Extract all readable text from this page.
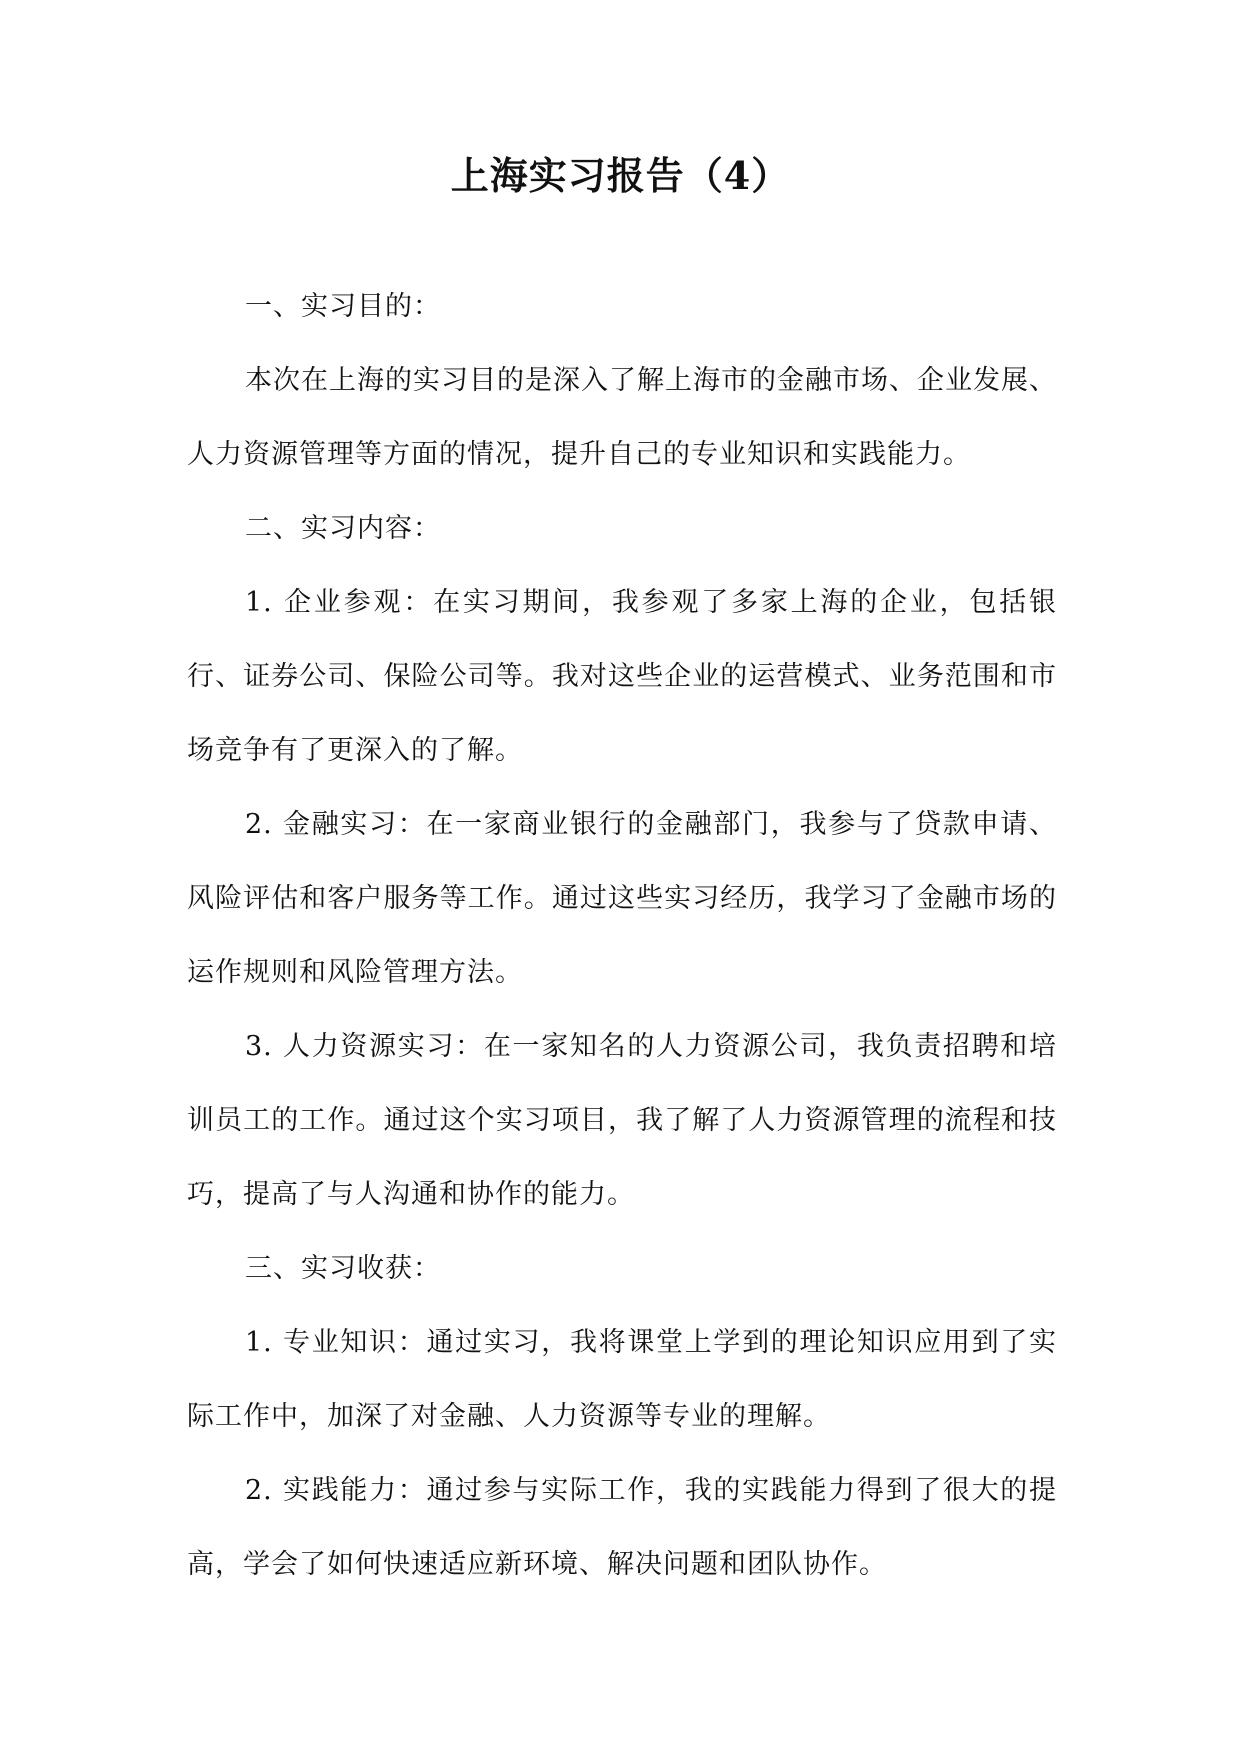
上海实习报告（4）

一、实习目的：

本次在上海的实习目的是深入了解上海市的金融市场、企业发展、人力资源管理等方面的情况，提升自己的专业知识和实践能力。

二、实习内容：

1. 企业参观：在实习期间，我参观了多家上海的企业，包括银行、证券公司、保险公司等。我对这些企业的运营模式、业务范围和市场竞争有了更深入的了解。

2. 金融实习：在一家商业银行的金融部门，我参与了贷款申请、风险评估和客户服务等工作。通过这些实习经历，我学习了金融市场的运作规则和风险管理方法。

3. 人力资源实习：在一家知名的人力资源公司，我负责招聘和培训员工的工作。通过这个实习项目，我了解了人力资源管理的流程和技巧，提高了与人沟通和协作的能力。

三、实习收获：

1. 专业知识：通过实习，我将课堂上学到的理论知识应用到了实际工作中，加深了对金融、人力资源等专业的理解。

2. 实践能力：通过参与实际工作，我的实践能力得到了很大的提高，学会了如何快速适应新环境、解决问题和团队协作。
